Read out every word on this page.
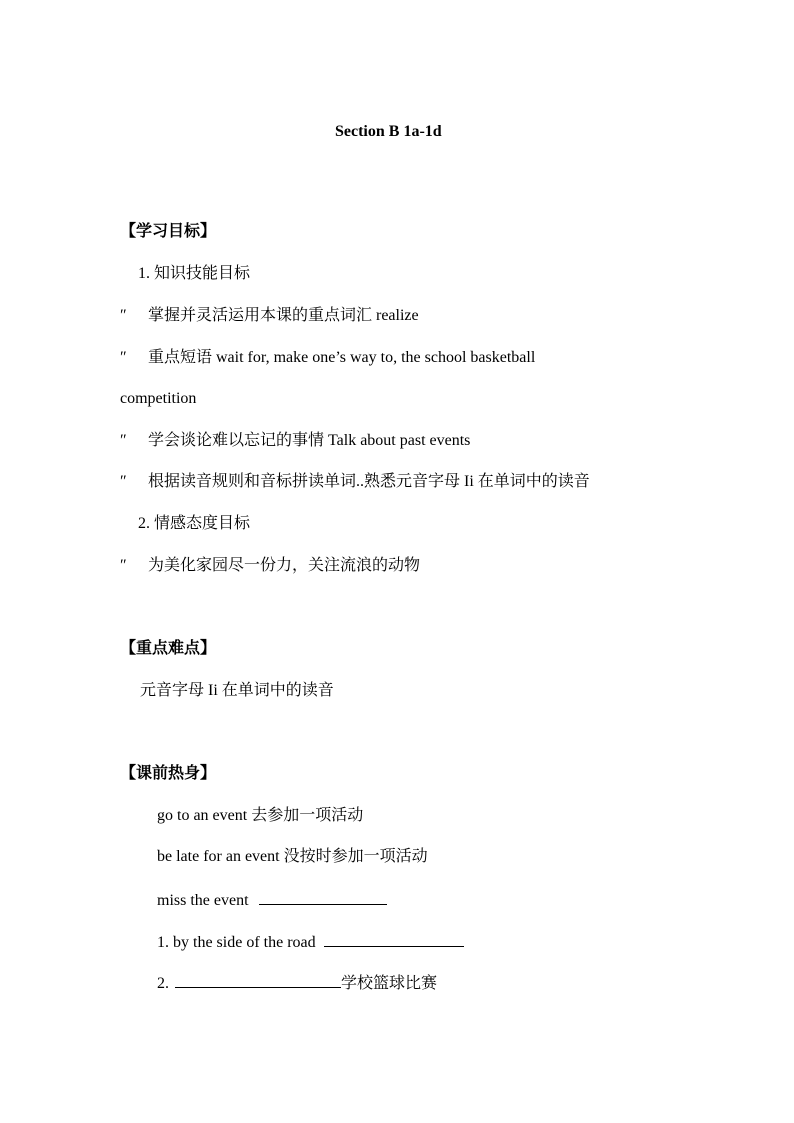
Section B 1a-1d
【学习目标】
1. 知识技能目标
″ 掌握并灵活运用本课的重点词汇 realize
″ 重点短语 wait for, make one’s way to, the school basketball
competition
″ 学会谈论难以忘记的事情 Talk about past events
″ 根据读音规则和音标拼读单词..熟悉元音字母 Ii 在单词中的读音
2. 情感态度目标
″ 为美化家园尽一份力，关注流浪的动物
【重点难点】
元音字母 Ii 在单词中的读音
【课前热身】
go to an event 去参加一项活动
be late for an event 没按时参加一项活动
miss the event
1. by the side of the road
2.	学校篮球比赛
